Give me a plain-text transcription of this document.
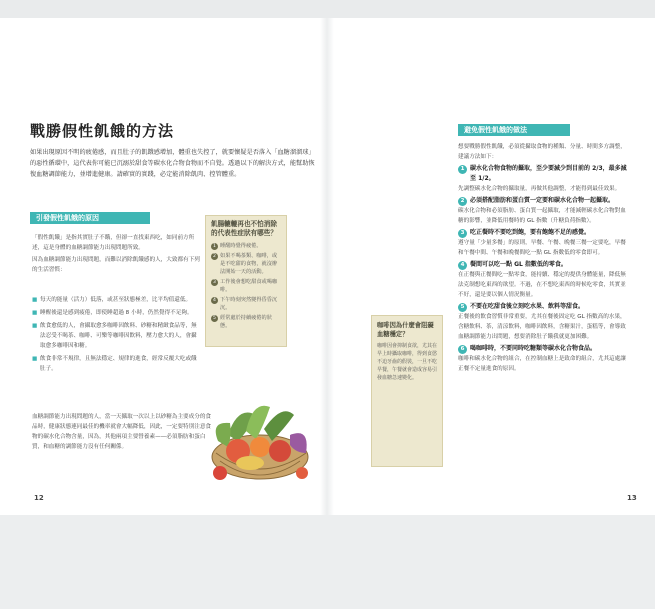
戰勝假性飢餓的方法
如果出現原因不明的疲倦感，而且肚子的飢餓感增加，體重也失控了，就要懷疑是否落入「血糖溜溜球」的惡性循環中，這代表你可能已沉溺於甜食等碳水化合物食物而不自覺。透過以下的解決方式，能幫助恢復血糖調節能力，並增進健康。請確實的實踐，必定能消除飢肉、控管體重。
引發假性飢餓的原因
「假性飢餓」是指其實肚子不餓，但卻一直找東西吃，如同前方所述，這是身體的血糖調節能力出現問題所致。
因為血糖調節能力出現問題，而難以消除飢餓感的人，大致都有下列的生活習慣：
■ 每天的能量（活力）低落，或甚至狀態極差，比平均值還低。
■ 睡醒後還是感到疲倦，即使睡超過 8 小時，仍然覺得不足夠。
■ 飲食愈低的人，會攝取愈多咖啡因飲料、砂糖和精緻食品等，無法忍受不喝茶、咖啡、可樂等咖啡因飲料，壓力愈大的人，會攝取愈多咖啡因和糖。
■ 飲食非常不規律，且無法穩定、規律的進食，經常反覆大吃或餓肚子。
血糖調節能力出現問題的人，當一天攝取一次以上以砂糖為主要成分的食品時，健康狀態連同最佳的機率就會大幅降低，因此，一定要特別注意食物的碳水化合物含量，因為，其他兩項主要營養素——必須脂肪和蛋白質，和血糖的調節能力沒有任何關係。
飢腸轆轆再也不怕消除的代表性症狀有哪些？
1 睡醒時覺得疲倦。
2 如果不喝茶類、咖啡，或是不吃甜的食物，就沒辦法開始一天的活動。
3 工作後會想吃甜食或喝咖啡。
4 下午時刻突然變得昏昏沉沉。
5 經常處於持續疲倦的狀態。	咖啡因為什麼會阻礙血糖穩定？
咖啡因會抑制食欲，尤其在早上時攝取咖啡，得到食慾不迫牙齒的假裝，一旦不吃早餐，午餐就會造成容易引發血糖急速變化。
12
避免假性飢餓的做法

想要戰勝假性飢餓，必須從攝取食物的種類、分量、時間多方調整，建議方法如下：

1 碳水化合物食物的攝取，至少要減少到目前的 2/3，最多減至 1/2。

先調整碳水化合物的攝取量，再做其他調整，才能得到最佳效果。

2 必須搭配脂肪和蛋白質一定要和碳水化合物一起攝取。

碳水化合物和必須脂肪、蛋白質一起攝取，才能減輕碳水化合物對血糖的影響，並降低用餐時的 GL 指數（升糖負荷指數）。

3 吃正餐時不要吃到飽，要有飽飽不足的感覺。

遵守量「少量多餐」的原則，早餐、午餐、晚餐三餐一定要吃，早餐和午餐中間、午餐和晚餐間吃一點 GL 指數低的零食即可。

4 餐間可以吃一點 GL 指數低的零食。

在正餐與正餐間吃一點零食，能持續、穩定的提供身體能量，降低無法克制想吃東西的欲望。不過，在不想吃東西的時候吃零食，其實並不好，還是要以個人情況衡量。

5 不要在吃甜食後立刻吃水果、飲料等甜食。

正餐後的飲食習慣非常重要，尤其在餐後固定吃 GL 指數高的水果，含糖飲料、茶，清涼飲料，咖啡因飲料，含糖果汁，蛋糕等，會導致血糖調節能力出問題，想要消除肚子餓我就更加困難。

6 喝咖啡時，不要同時吃糖類等碳水化合物食品。

咖啡和碳水化合物的組合，在控制血糖上是致命的組合，尤其這處讓正餐不定量進食的原因。

13
